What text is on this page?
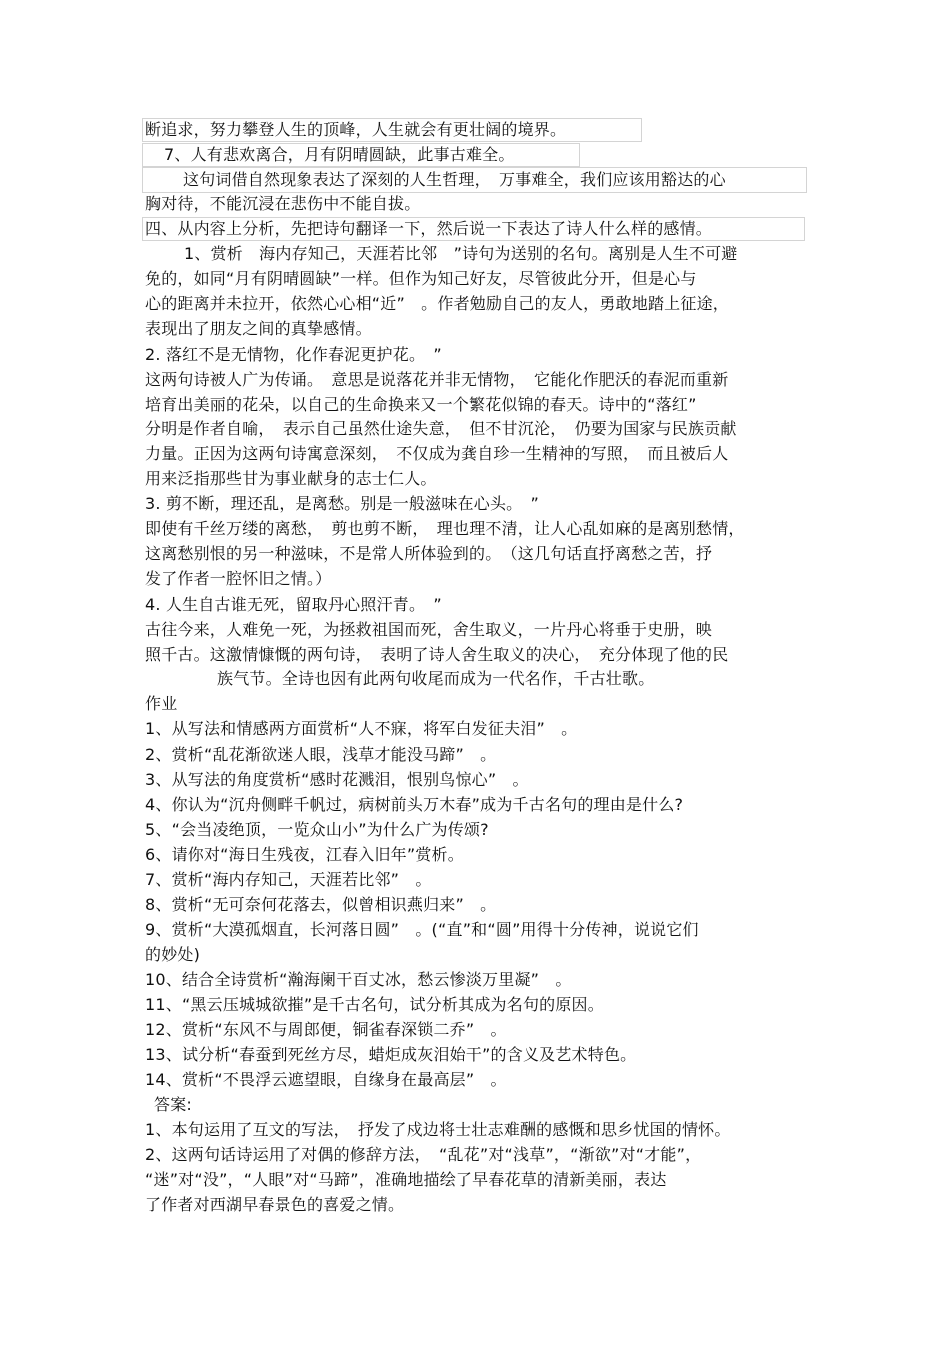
断追求，努力攀登人生的顶峰，人生就会有更壮阔的境界。
7、人有悲欢离合，月有阴晴圆缺，此事古难全。
这句词借自然现象表达了深刻的人生哲理，　万事难全，我们应该用豁达的心
胸对待，不能沉浸在悲伤中不能自拔。
四、从内容上分析，先把诗句翻译一下，然后说一下表达了诗人什么样的感情。
1、赏析　海内存知己，天涯若比邻　”诗句为送别的名句。离别是人生不可避
免的，如同“月有阴晴圆缺”一样。但作为知己好友，尽管彼此分开，但是心与
心的距离并未拉开，依然心心相“近”　。作者勉励自己的友人，勇敢地踏上征途，
表现出了朋友之间的真挚感情。
2. 落红不是无情物，化作春泥更护花。　”
这两句诗被人广为传诵。　意思是说落花并非无情物，　它能化作肥沃的春泥而重新
培育出美丽的花朵，以自己的生命换来又一个繁花似锦的春天。诗中的“落红”
分明是作者自喻，　表示自己虽然仕途失意，　但不甘沉沦，　仍要为国家与民族贡献
力量。正因为这两句诗寓意深刻，　不仅成为龚自珍一生精神的写照，　而且被后人
用来泛指那些甘为事业献身的志士仁人。
3. 剪不断，理还乱，是离愁。别是一般滋味在心头。　”
即使有千丝万缕的离愁，　剪也剪不断，　理也理不清，让人心乱如麻的是离别愁情，
这离愁别恨的另一种滋味，不是常人所体验到的。　（这几句话直抒离愁之苦，抒
发了作者一腔怀旧之情。）
4. 人生自古谁无死，留取丹心照汗青。　”
古往今来，人难免一死，为拯救祖国而死，舍生取义，一片丹心将垂于史册，映
照千古。这激情慷慨的两句诗，　表明了诗人舍生取义的决心，　充分体现了他的民
族气节。全诗也因有此两句收尾而成为一代名作，千古壮歌。
作业
1、从写法和情感两方面赏析“人不寐，将军白发征夫泪”　。
2、赏析“乱花渐欲迷人眼，浅草才能没马蹄”　。
3、从写法的角度赏析“感时花溅泪，恨别鸟惊心”　。
4、你认为“沉舟侧畔千帆过，病树前头万木春”成为千古名句的理由是什么?
5、“会当凌绝顶，一览众山小”为什么广为传颂?
6、请你对“海日生残夜，江春入旧年”赏析。
7、赏析“海内存知己，天涯若比邻”　。
8、赏析“无可奈何花落去，似曾相识燕归来”　。
9、赏析“大漠孤烟直，长河落日圆”　。(“直”和“圆”用得十分传神，说说它们
的妙处)
10、结合全诗赏析“瀚海阑干百丈冰，愁云惨淡万里凝”　。
11、“黑云压城城欲摧”是千古名句，试分析其成为名句的原因。
12、赏析“东风不与周郎便，铜雀春深锁二乔”　。
13、试分析“春蚕到死丝方尽，蜡炬成灰泪始干”的含义及艺术特色。
14、赏析“不畏浮云遮望眼，自缘身在最高层”　。
答案:
1、本句运用了互文的写法，　抒发了戍边将士壮志难酬的感慨和思乡忧国的情怀。
2、这两句话诗运用了对偶的修辞方法，　“乱花”对“浅草”，“渐欲”对“才能”，
“迷”对“没”，“人眼”对“马蹄”，准确地描绘了早春花草的清新美丽，表达
了作者对西湖早春景色的喜爱之情。
